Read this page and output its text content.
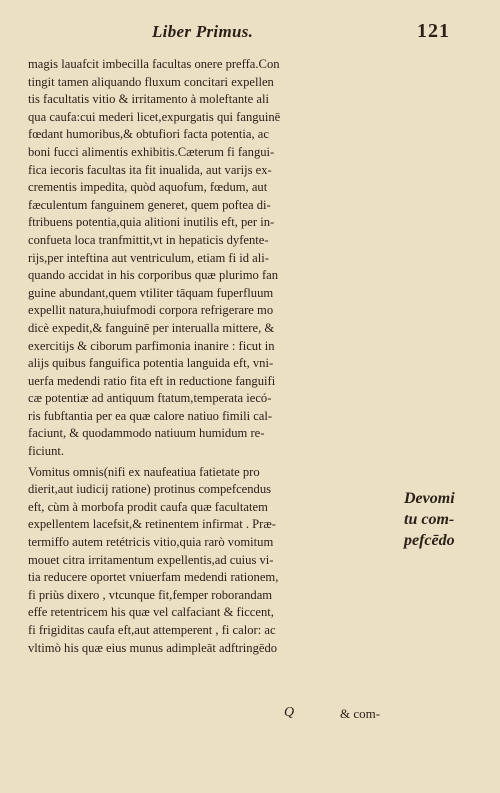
Liber Primus.	121
magis lauafcit imbecilla facultas onere preffa.Con
tingit tamen aliquando fluxum concitari expellen
tis facultatis vitio & irritamento à moleftante ali
qua caufa:cui mederi licet,expurgatis qui fanguinē
fœdant humoribus,& obtufiori facta potentia, ac
boni fucci alimentis exhibitis.Cæterum fi fangui-
fica iecoris facultas ita fit inualida, aut varijs ex-
crementis impedita, quòd aquofum, fœdum, aut
fæculentum fanguinem generet, quem poftea di-
ftribuens potentia,quia alitioni inutilis eft, per in-
confueta loca tranfmittit,vt in hepaticis dyfente-
rijs,per inteftina aut ventriculum, etiam fi id ali-
quando accidat in his corporibus quæ plurimo fan
guine abundant,quem vtiliter tāquam fuperfluum
expellit natura,huiufmodi corpora refrigerare mo
dicè expedit,& fanguinē per interualla mittere, &
exercitijs & ciborum parfimonia inanire : ficut in
alijs quibus fanguifica potentia languida eft, vni-
uerfa medendi ratio fita eft in reductione fanguifi
cæ potentiæ ad antiquum ftatum,temperata iecó-
ris fubftantia per ea quæ calore natiuo fimili cal-
faciunt, & quodammodo natiuum humidum re-
ficiunt.
Vomitus omnis(nifi ex naufeatiua fatietate pro
dierit,aut iudicij ratione) protinus compefcendus
eft, cùm à morbofa prodit caufa quæ facultatem
expellentem lacefsit,& retinentem infirmat . Præ-
termiffo autem retétricis vitio,quia rarò vomitum
mouet citra irritamentum expellentis,ad cuius vi-
tia reducere oportet vniuerfam medendi rationem,
fi priùs dixero , vtcunque fit,femper roborandam
effe retentricem his quæ vel calfaciant & ficcent,
fi frigiditas caufa eft,aut attemperent , fi calor: ac
vltimò his quæ eius munus adimpleāt adftringēdo
Devomi
tu com-
pefcēdo
Q	& com-
